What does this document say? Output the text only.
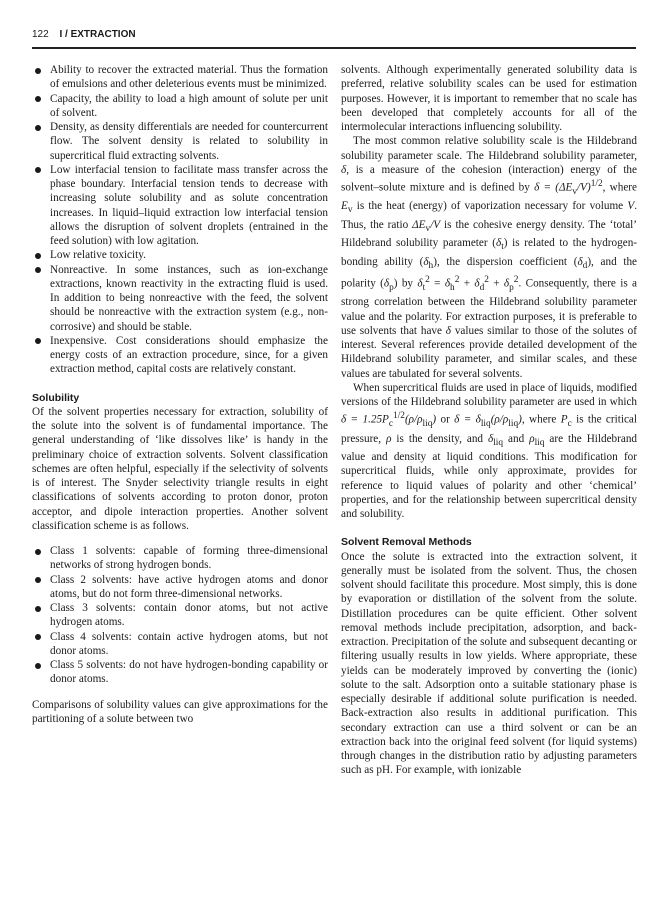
122 I / EXTRACTION
Ability to recover the extracted material. Thus the formation of emulsions and other deleterious events must be minimized.
Capacity, the ability to load a high amount of solute per unit of solvent.
Density, as density differentials are needed for countercurrent flow. The solvent density is related to solubility in supercritical fluid extracting solvents.
Low interfacial tension to facilitate mass transfer across the phase boundary. Interfacial tension tends to decrease with increasing solute solubility and as solute concentration increases. In liquid–liquid extraction low interfacial tension allows the disruption of solvent droplets (entrained in the feed solution) with low agitation.
Low relative toxicity.
Nonreactive. In some instances, such as ion-exchange extractions, known reactivity in the extracting fluid is used. In addition to being nonreactive with the feed, the solvent should be nonreactive with the extraction system (e.g., non-corrosive) and should be stable.
Inexpensive. Cost considerations should emphasize the energy costs of an extraction procedure, since, for a given extraction method, capital costs are relatively constant.

Solubility

Of the solvent properties necessary for extraction, solubility of the solute into the solvent is of fundamental importance. The general understanding of ‘like dissolves like’ is handy in the preliminary choice of extraction solvents. Solvent classification schemes are often helpful, especially if the selectivity of solvents is of interest. The Snyder selectivity triangle results in eight classifications of solvents according to proton donor, proton acceptor, and dipole interaction properties. Another solvent classification scheme is as follows.

Class 1 solvents: capable of forming three-dimensional networks of strong hydrogen bonds.
Class 2 solvents: have active hydrogen atoms and donor atoms, but do not form three-dimensional networks.
Class 3 solvents: contain donor atoms, but not active hydrogen atoms.
Class 4 solvents: contain active hydrogen atoms, but not donor atoms.
Class 5 solvents: do not have hydrogen-bonding capability or donor atoms.

Comparisons of solubility values can give approximations for the partitioning of a solute between two

solvents. Although experimentally generated solubility data is preferred, relative solubility scales can be used for estimation purposes. However, it is important to remember that no scale has been developed that completely accounts for all of the intermolecular interactions influencing solubility.

The most common relative solubility scale is the Hildebrand solubility parameter scale. The Hildebrand solubility parameter, δ, is a measure of the cohesion (interaction) energy of the solvent–solute mixture and is defined by $\delta = (\Delta E_v/V)^{1/2}$, where $E_v$ is the heat (energy) of vaporization necessary for volume V. Thus, the ratio $\Delta E_v/V$ is the cohesive energy density. The ‘total’ Hildebrand solubility parameter $(\delta_t)$ is related to the hydrogen-bonding ability $(\delta_h)$, the dispersion coefficient $(\delta_d)$, and the polarity $(\delta_p)$ by $\delta_t^2 = \delta_h^2 + \delta_d^2 + \delta_p^2$. Consequently, there is a strong correlation between the Hildebrand solubility parameter value and the polarity. For extraction purposes, it is preferable to use solvents that have δ values similar to those of the solutes of interest. Several references provide detailed development of the Hildebrand solubility parameter, and similar scales, and these values are tabulated for several solvents.

When supercritical fluids are used in place of liquids, modified versions of the Hildebrand solubility parameter are used in which $\delta = 1.25P_c^{1/2}(\rho/\rho_{liq})$ or $\delta = \delta_{liq}(\rho/\rho_{liq})$, where $P_c$ is the critical pressure, ρ is the density, and $\delta_{liq}$ and $\rho_{liq}$ are the Hildebrand value and density at liquid conditions. This modification for supercritical fluids, while only approximate, provides for reference to liquid values of polarity and other ‘chemical’ properties, and for the relationship between supercritical density and solubility.

Solvent Removal Methods

Once the solute is extracted into the extraction solvent, it generally must be isolated from the solvent. Thus, the chosen solvent should facilitate this procedure. Most simply, this is done by evaporation or distillation of the solvent from the solute. Distillation procedures can be quite efficient. Other solvent removal methods include precipitation, adsorption, and back-extraction. Precipitation of the solute and subsequent decanting or filtering usually results in low yields. Where appropriate, these yields can be moderately improved by converting the (ionic) solute to the salt. Adsorption onto a suitable stationary phase is especially desirable if additional solute purification is needed. Back-extraction also results in additional purification. This secondary extraction can use a third solvent or can be an extraction back into the original feed solvent (for liquid systems) through changes in the distribution ratio by adjusting parameters such as pH. For example, with ionizable
